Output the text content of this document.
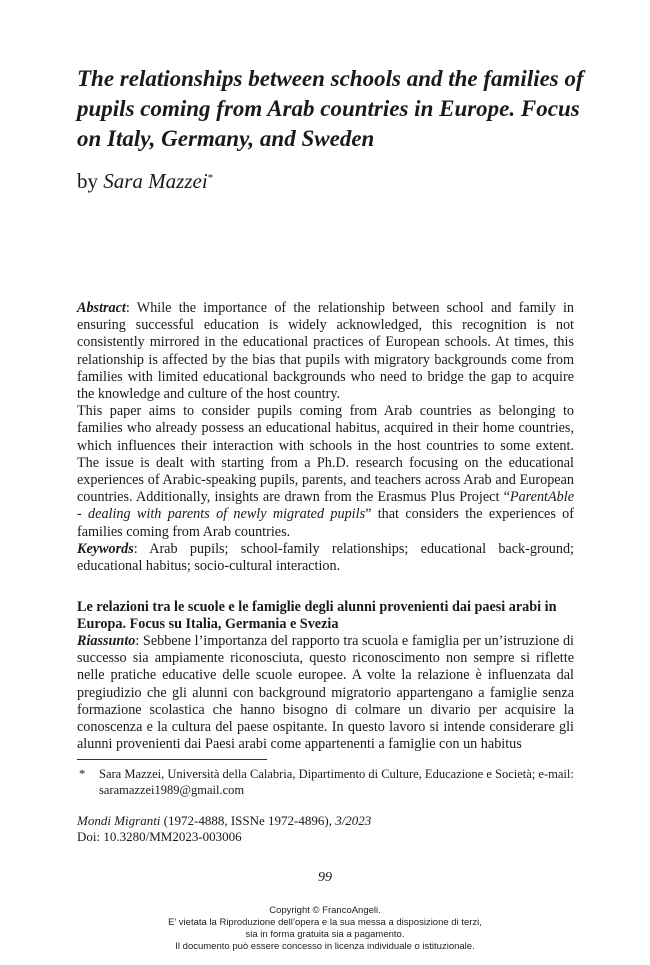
The relationships between schools and the families of pupils coming from Arab countries in Europe. Focus on Italy, Germany, and Sweden
by Sara Mazzei*
Abstract: While the importance of the relationship between school and family in ensuring successful education is widely acknowledged, this recognition is not consistently mirrored in the educational practices of European schools. At times, this relationship is affected by the bias that pupils with migratory backgrounds come from families with limited educational backgrounds who need to bridge the gap to acquire the knowledge and culture of the host country.
This paper aims to consider pupils coming from Arab countries as belonging to families who already possess an educational habitus, acquired in their home countries, which influences their interaction with schools in the host countries to some extent. The issue is dealt with starting from a Ph.D. research focusing on the educational experiences of Arabic-speaking pupils, parents, and teachers across Arab and European countries. Additionally, insights are drawn from the Erasmus Plus Project “ParentAble - dealing with parents of newly migrated pupils” that considers the experiences of families coming from Arab countries.
Keywords: Arab pupils; school-family relationships; educational back-ground; educational habitus; socio-cultural interaction.
Le relazioni tra le scuole e le famiglie degli alunni provenienti dai paesi arabi in Europa. Focus su Italia, Germania e Svezia
Riassunto: Sebbene l’importanza del rapporto tra scuola e famiglia per un’istruzione di successo sia ampiamente riconosciuta, questo riconoscimento non sempre si riflette nelle pratiche educative delle scuole europee. A volte la relazione è influenzata dal pregiudizio che gli alunni con background migratorio appartengano a famiglie senza formazione scolastica che hanno bisogno di colmare un divario per acquisire la conoscenza e la cultura del paese ospitante. In questo lavoro si intende considerare gli alunni provenienti dai Paesi arabi come appartenenti a famiglie con un habitus
* Sara Mazzei, Università della Calabria, Dipartimento di Culture, Educazione e Società; e-mail: saramazzei1989@gmail.com
Mondi Migranti (1972-4888, ISSNe 1972-4896), 3/2023
Doi: 10.3280/MM2023-003006
99
Copyright © FrancoAngeli.
E’ vietata la Riproduzione dell’opera e la sua messa a disposizione di terzi,
sia in forma gratuita sia a pagamento.
Il documento può essere concesso in licenza individuale o istituzionale.
